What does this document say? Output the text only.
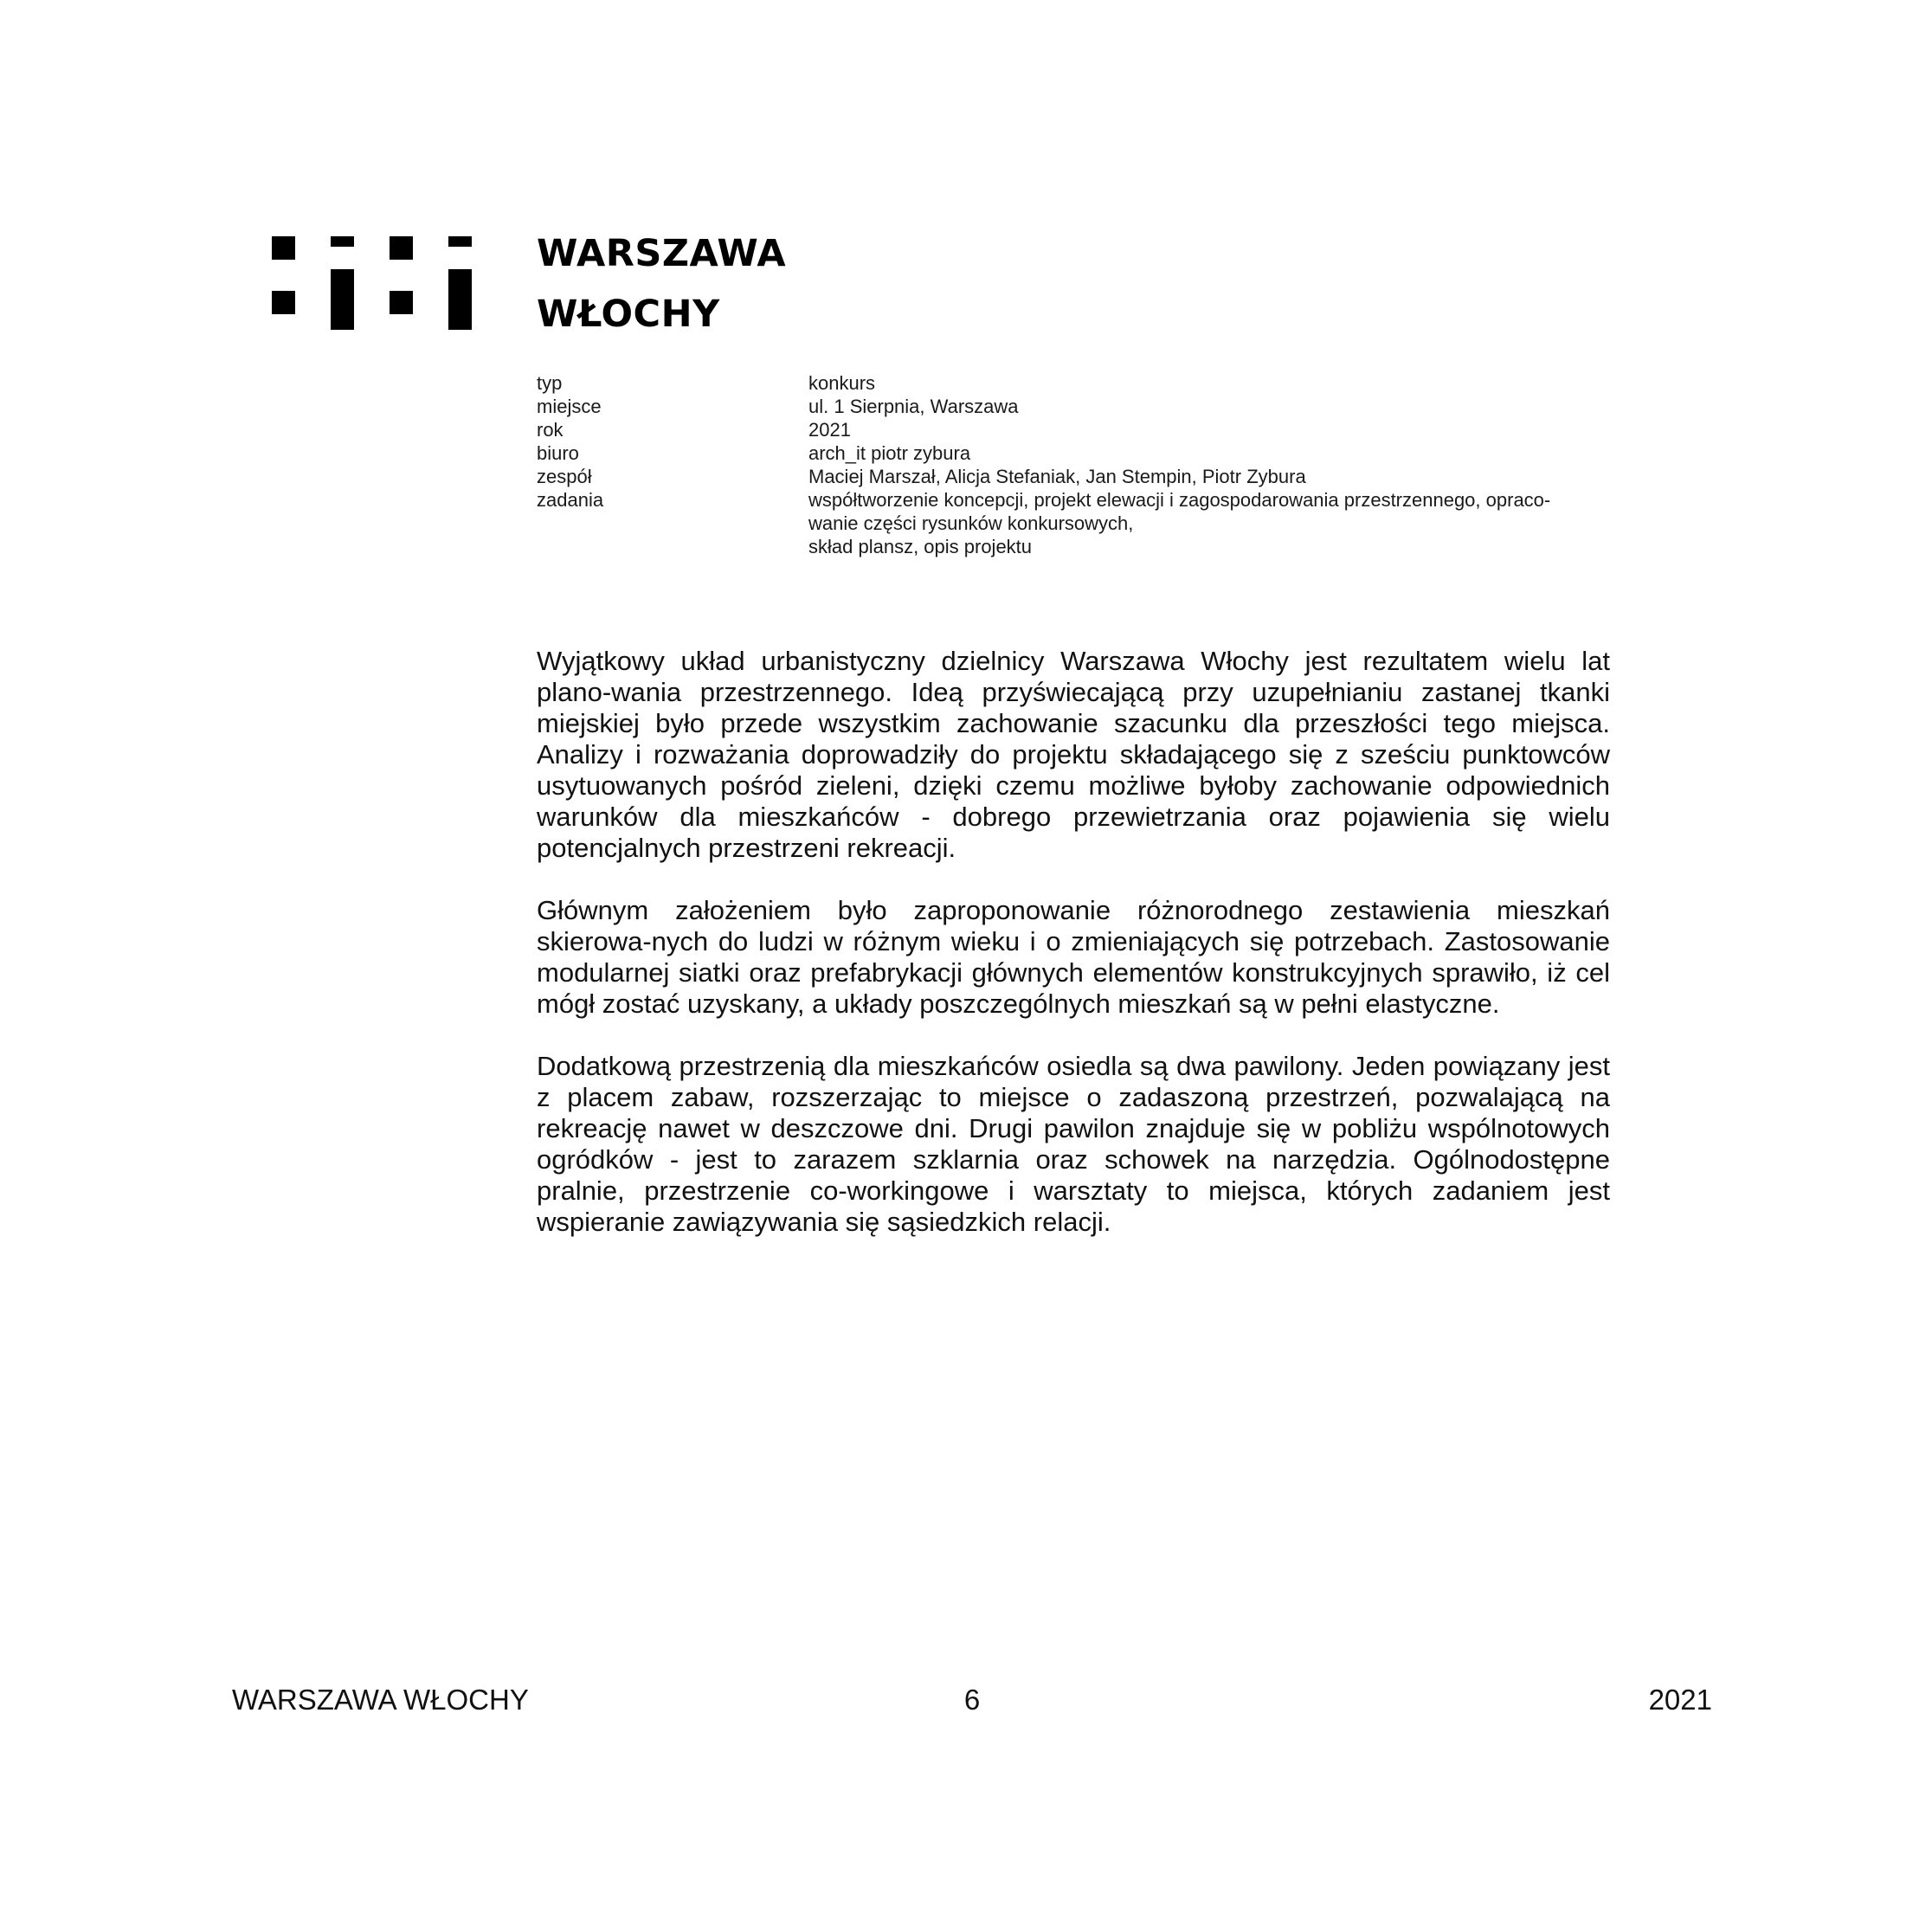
WARSZAWA
WŁOCHY
typ	konkurs
miejsce	ul. 1 Sierpnia, Warszawa
rok	2021
biuro	arch_it piotr zybura
zespół	Maciej Marszał, Alicja Stefaniak, Jan Stempin, Piotr Zybura
zadania	współtworzenie koncepcji, projekt elewacji i zagospodarowania przestrzennego, opraco-
wanie części rysunków konkursowych,
skład plansz, opis projektu

Wyjątkowy układ urbanistyczny dzielnicy Warszawa Włochy jest rezultatem wielu lat plano-wania przestrzennego. Ideą przyświecającą przy uzupełnianiu zastanej tkanki miejskiej było przede wszystkim zachowanie szacunku dla przeszłości tego miejsca. Analizy i rozważania doprowadziły do projektu składającego się z sześciu punktowców usytuowanych pośród zieleni, dzięki czemu możliwe byłoby zachowanie odpowiednich warunków dla mieszkańców - dobrego przewietrzania oraz pojawienia się wielu potencjalnych przestrzeni rekreacji.

Głównym założeniem było zaproponowanie różnorodnego zestawienia mieszkań skierowa-nych do ludzi w różnym wieku i o zmieniających się potrzebach. Zastosowanie modularnej siatki oraz prefabrykacji głównych elementów konstrukcyjnych sprawiło, iż cel mógł zostać uzyskany, a układy poszczególnych mieszkań są w pełni elastyczne.

Dodatkową przestrzenią dla mieszkańców osiedla są dwa pawilony. Jeden powiązany jest z placem zabaw, rozszerzając to miejsce o zadaszoną przestrzeń, pozwalającą na rekreację nawet w deszczowe dni. Drugi pawilon znajduje się w pobliżu wspólnotowych ogródków - jest to zarazem szklarnia oraz schowek na narzędzia. Ogólnodostępne pralnie, przestrzenie co-workingowe i warsztaty to miejsca, których zadaniem jest wspieranie zawiązywania się sąsiedzkich relacji.

WARSZAWA WŁOCHY	6	2021
